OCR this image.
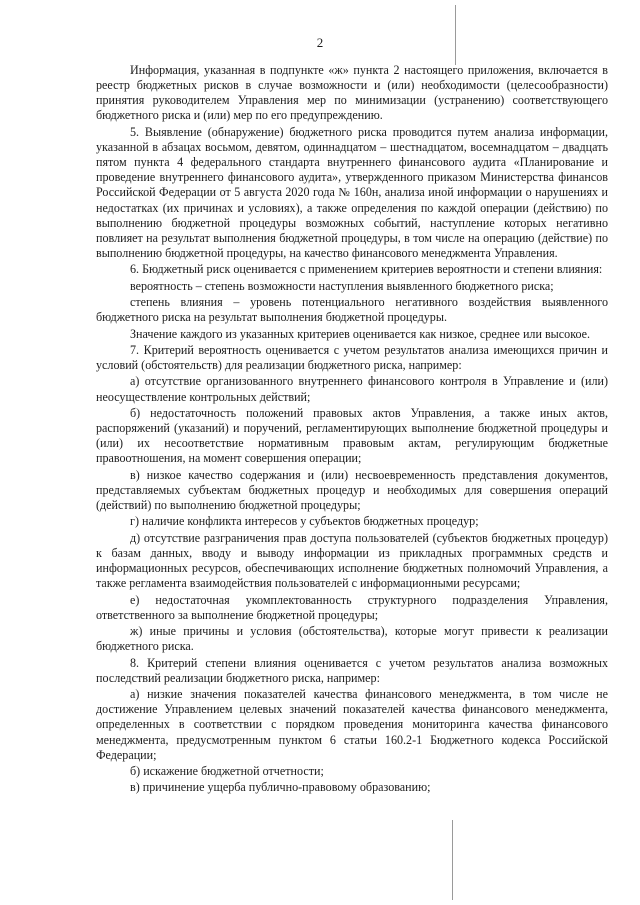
2

Информация, указанная в подпункте «ж» пункта 2 настоящего приложения, включается в реестр бюджетных рисков в случае возможности и (или) необходимости (целесообразности) принятия руководителем Управления мер по минимизации (устранению) соответствующего бюджетного риска и (или) мер по его предупреждению.

5. Выявление (обнаружение) бюджетного риска проводится путем анализа информации, указанной в абзацах восьмом, девятом, одиннадцатом – шестнадцатом, восемнадцатом – двадцать пятом пункта 4 федерального стандарта внутреннего финансового аудита «Планирование и проведение внутреннего финансового аудита», утвержденного приказом Министерства финансов Российской Федерации от 5 августа 2020 года № 160н, анализа иной информации о нарушениях и недостатках (их причинах и условиях), а также определения по каждой операции (действию) по выполнению бюджетной процедуры возможных событий, наступление которых негативно повлияет на результат выполнения бюджетной процедуры, в том числе на операцию (действие) по выполнению бюджетной процедуры, на качество финансового менеджмента Управления.

6. Бюджетный риск оценивается с применением критериев вероятности и степени влияния:

вероятность – степень возможности наступления выявленного бюджетного риска;

степень влияния – уровень потенциального негативного воздействия выявленного бюджетного риска на результат выполнения бюджетной процедуры.

Значение каждого из указанных критериев оценивается как низкое, среднее или высокое.

7. Критерий вероятность оценивается с учетом результатов анализа имеющихся причин и условий (обстоятельств) для реализации бюджетного риска, например:

а) отсутствие организованного внутреннего финансового контроля в Управление и (или) неосуществление контрольных действий;

б) недостаточность положений правовых актов Управления, а также иных актов, распоряжений (указаний) и поручений, регламентирующих выполнение бюджетной процедуры и (или) их несоответствие нормативным правовым актам, регулирующим бюджетные правоотношения, на момент совершения операции;

в) низкое качество содержания и (или) несвоевременность представления документов, представляемых субъектам бюджетных процедур и необходимых для совершения операций (действий) по выполнению бюджетной процедуры;

г) наличие конфликта интересов у субъектов бюджетных процедур;

д) отсутствие разграничения прав доступа пользователей (субъектов бюджетных процедур) к базам данных, вводу и выводу информации из прикладных программных средств и информационных ресурсов, обеспечивающих исполнение бюджетных полномочий Управления, а также регламента взаимодействия пользователей с информационными ресурсами;

е) недостаточная укомплектованность структурного подразделения Управления, ответственного за выполнение бюджетной процедуры;

ж) иные причины и условия (обстоятельства), которые могут привести к реализации бюджетного риска.

8. Критерий степени влияния оценивается с учетом результатов анализа возможных последствий реализации бюджетного риска, например:

а) низкие значения показателей качества финансового менеджмента, в том числе не достижение Управлением целевых значений показателей качества финансового менеджмента, определенных в соответствии с порядком проведения мониторинга качества финансового менеджмента, предусмотренным пунктом 6 статьи 160.2-1 Бюджетного кодекса Российской Федерации;

б) искажение бюджетной отчетности;

в) причинение ущерба публично-правовому образованию;
